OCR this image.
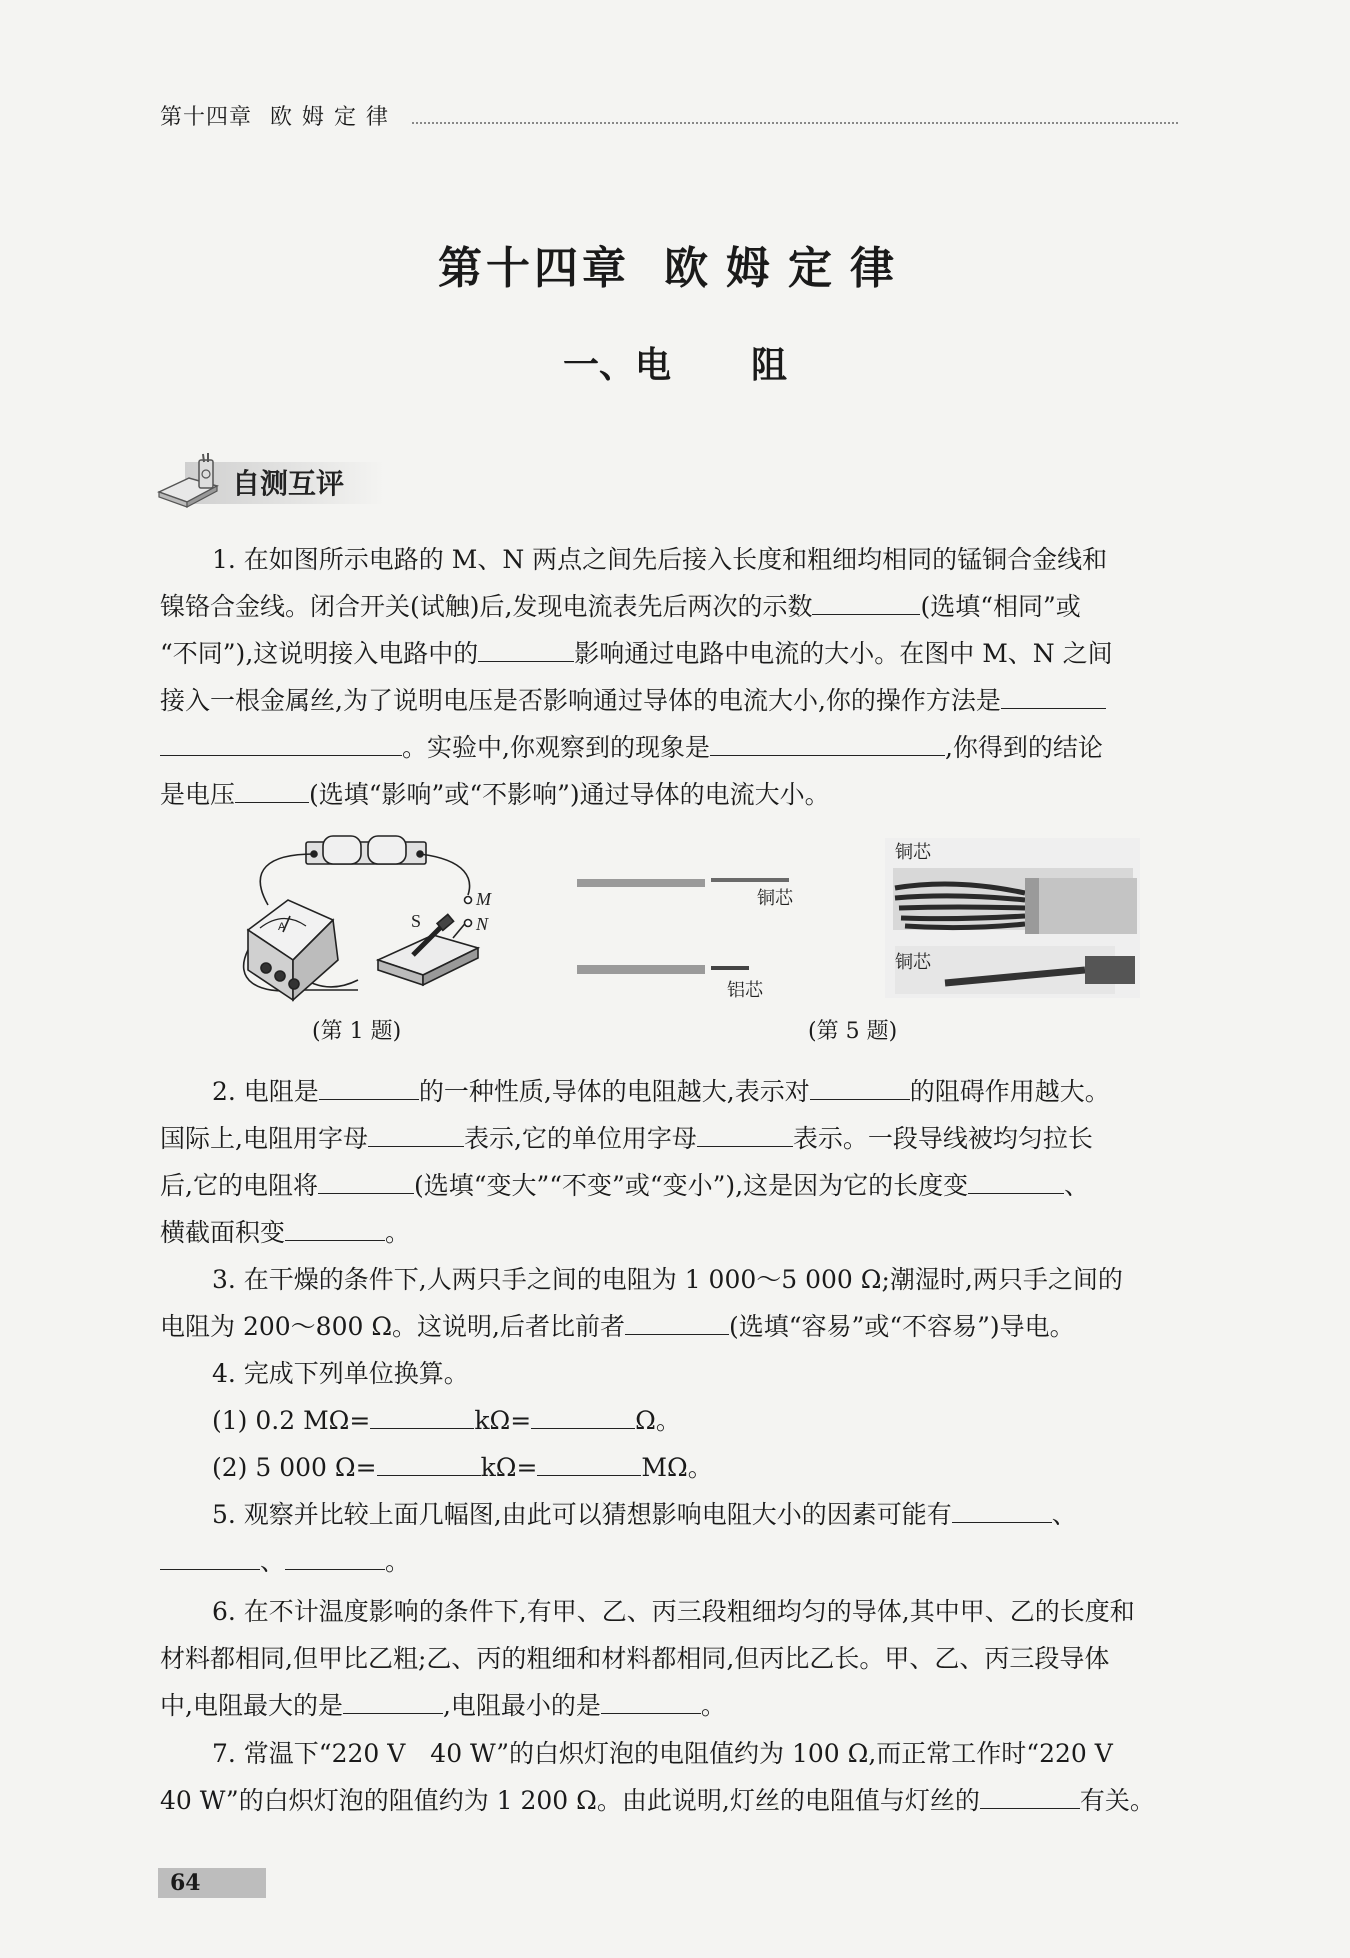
第十四章 欧姆定律
第十四章 欧姆定律
一、电 阻
自测互评

1. 在如图所示电路的 M、N 两点之间先后接入长度和粗细均相同的锰铜合金线和

镍铬合金线。闭合开关(试触)后,发现电流表先后两次的示数	(选填“相同”或

“不同”),这说明接入电路中的	影响通过电路中电流的大小。在图中 M、N 之间

接入一根金属丝,为了说明电压是否影响通过导体的电流大小,你的操作方法是

。实验中,你观察到的现象是	,你得到的结论

是电压	(选填“影响”或“不影响”)通过导体的电流大小。

M
N
S
A
(第 1 题)
铜芯
铝芯
铜芯
铜芯
(第 5 题)

2. 电阻是	的一种性质,导体的电阻越大,表示对	的阻碍作用越大。

国际上,电阻用字母	表示,它的单位用字母	表示。一段导线被均匀拉长

后,它的电阻将	(选填“变大”“不变”或“变小”),这是因为它的长度变	、

横截面积变	。

3. 在干燥的条件下,人两只手之间的电阻为 1 000～5 000 Ω;潮湿时,两只手之间的

电阻为 200～800 Ω。这说明,后者比前者	(选填“容易”或“不容易”)导电。

4. 完成下列单位换算。

(1) 0.2 MΩ=	kΩ=	Ω。

(2) 5 000 Ω=	kΩ=	MΩ。

5. 观察并比较上面几幅图,由此可以猜想影响电阻大小的因素可能有	、

、	。

6. 在不计温度影响的条件下,有甲、乙、丙三段粗细均匀的导体,其中甲、乙的长度和

材料都相同,但甲比乙粗;乙、丙的粗细和材料都相同,但丙比乙长。甲、乙、丙三段导体

中,电阻最大的是	,电阻最小的是	。

7. 常温下“220 V　40 W”的白炽灯泡的电阻值约为 100 Ω,而正常工作时“220 V

40 W”的白炽灯泡的阻值约为 1 200 Ω。由此说明,灯丝的电阻值与灯丝的	有关。

64
